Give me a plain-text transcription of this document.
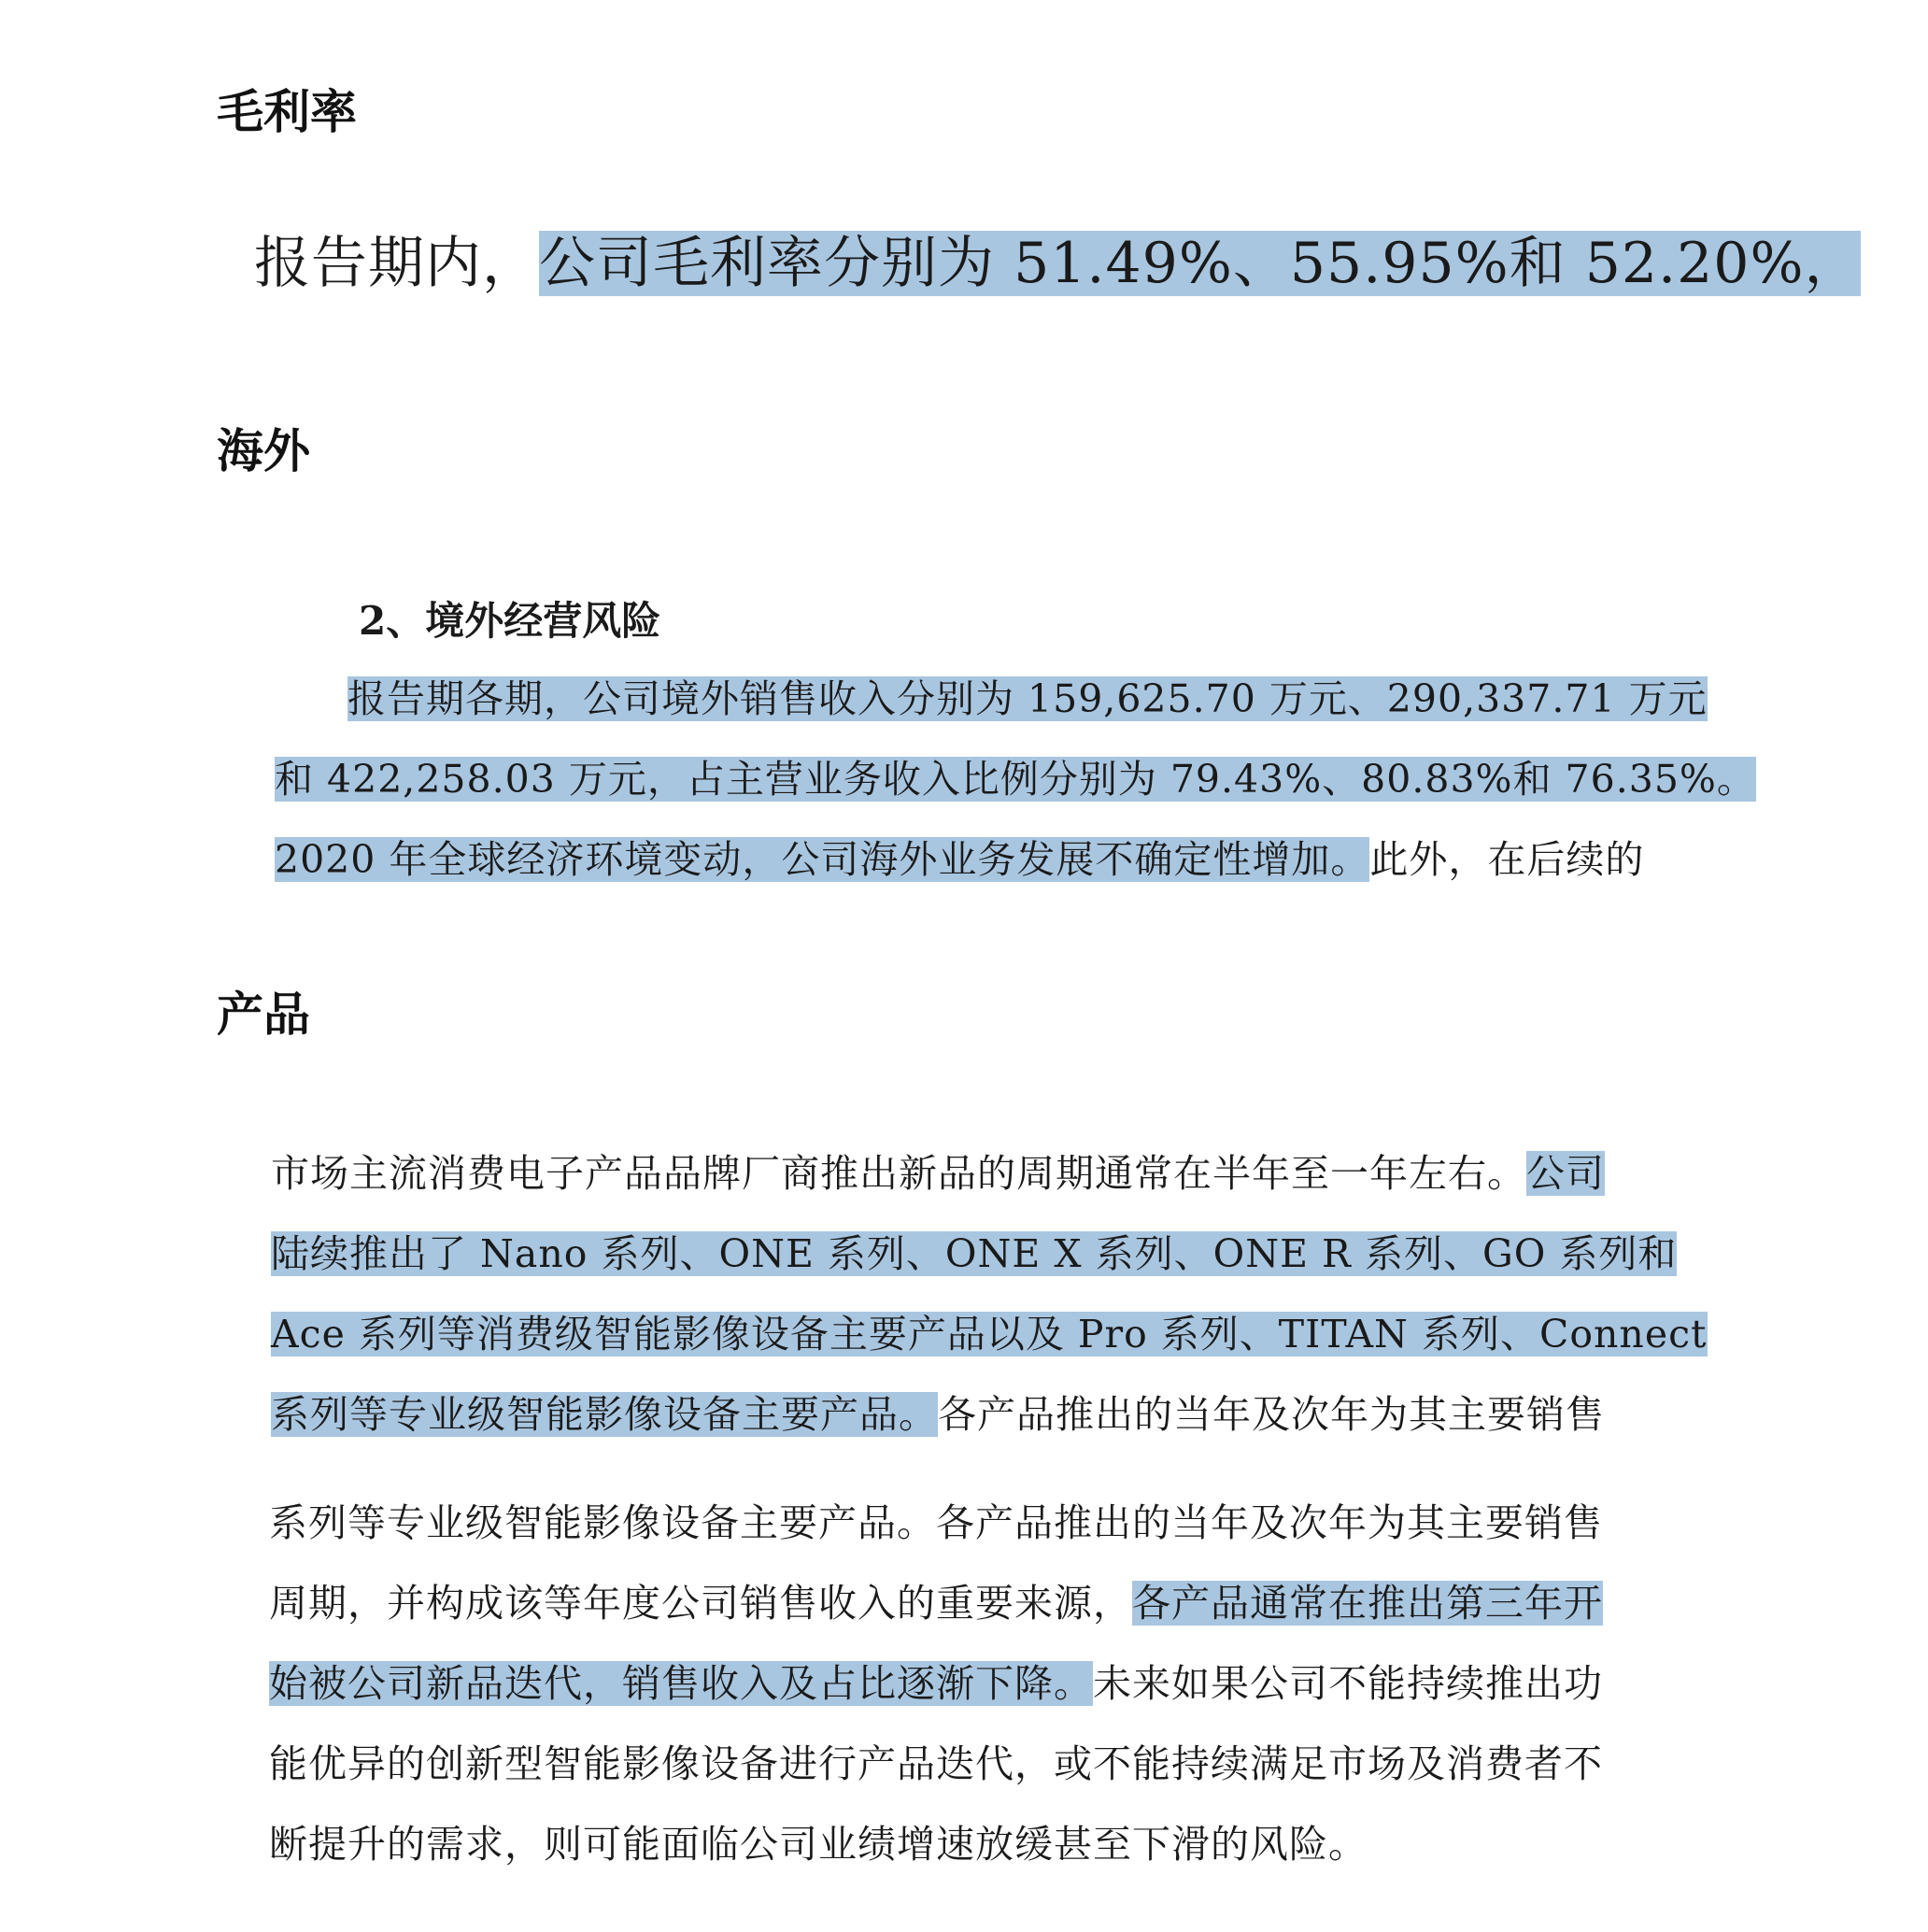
毛利率
报告期内，公司毛利率分别为 51.49%、55.95%和 52.20%，
海外
2、境外经营风险
报告期各期，公司境外销售收入分别为 159,625.70 万元、290,337.71 万元
和 422,258.03 万元，占主营业务收入比例分别为 79.43%、80.83%和 76.35%。
2020 年全球经济环境变动，公司海外业务发展不确定性增加。此外，在后续的
产品
市场主流消费电子产品品牌厂商推出新品的周期通常在半年至一年左右。公司
陆续推出了 Nano 系列、ONE 系列、ONE X 系列、ONE R 系列、GO 系列和
Ace 系列等消费级智能影像设备主要产品以及 Pro 系列、TITAN 系列、Connect
系列等专业级智能影像设备主要产品。各产品推出的当年及次年为其主要销售
系列等专业级智能影像设备主要产品。各产品推出的当年及次年为其主要销售
周期，并构成该等年度公司销售收入的重要来源，各产品通常在推出第三年开
始被公司新品迭代，销售收入及占比逐渐下降。未来如果公司不能持续推出功
能优异的创新型智能影像设备进行产品迭代，或不能持续满足市场及消费者不
断提升的需求，则可能面临公司业绩增速放缓甚至下滑的风险。
